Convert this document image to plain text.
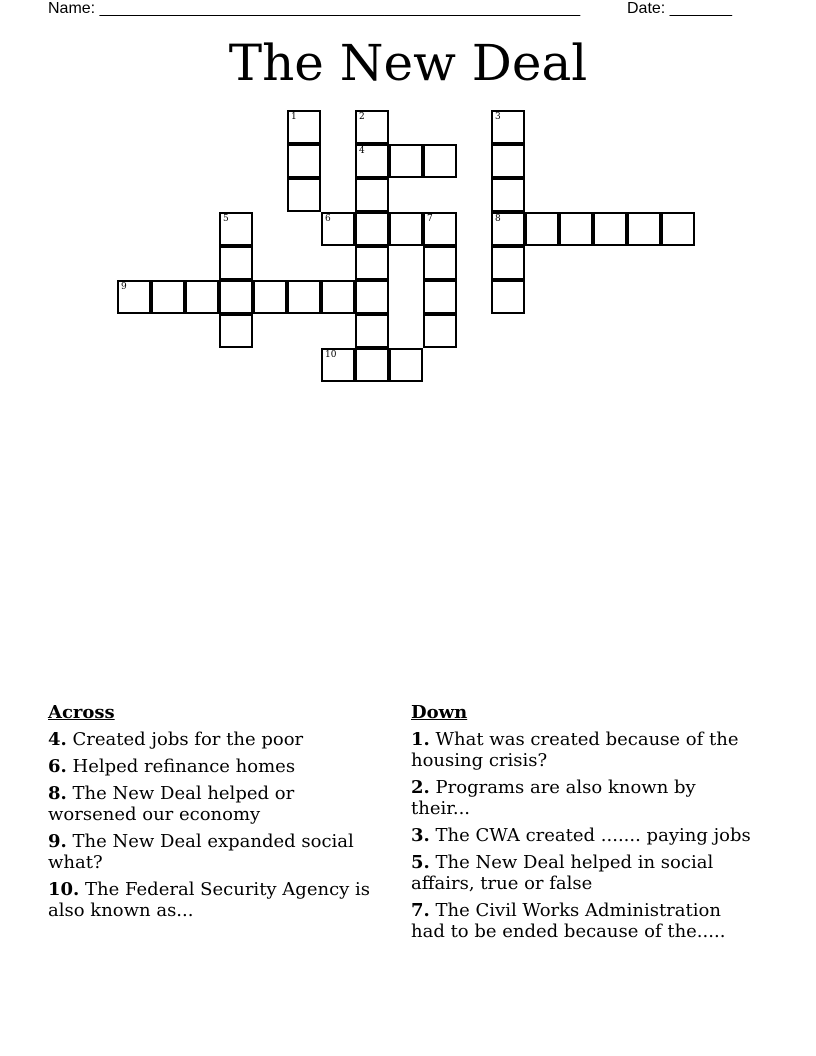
Name: ______________________________________________________	Date: _______
The New Deal
1	2	3
4
5	6	7	8
9
10
Across
4. Created jobs for the poor
6. Helped refinance homes
8. The New Deal helped or worsened our economy
9. The New Deal expanded social what?
10. The Federal Security Agency is also known as...
Down
1. What was created because of the housing crisis?
2. Programs are also known by their...
3. The CWA created ....... paying jobs
5. The New Deal helped in social affairs, true or false
7. The Civil Works Administration had to be ended because of the.....
